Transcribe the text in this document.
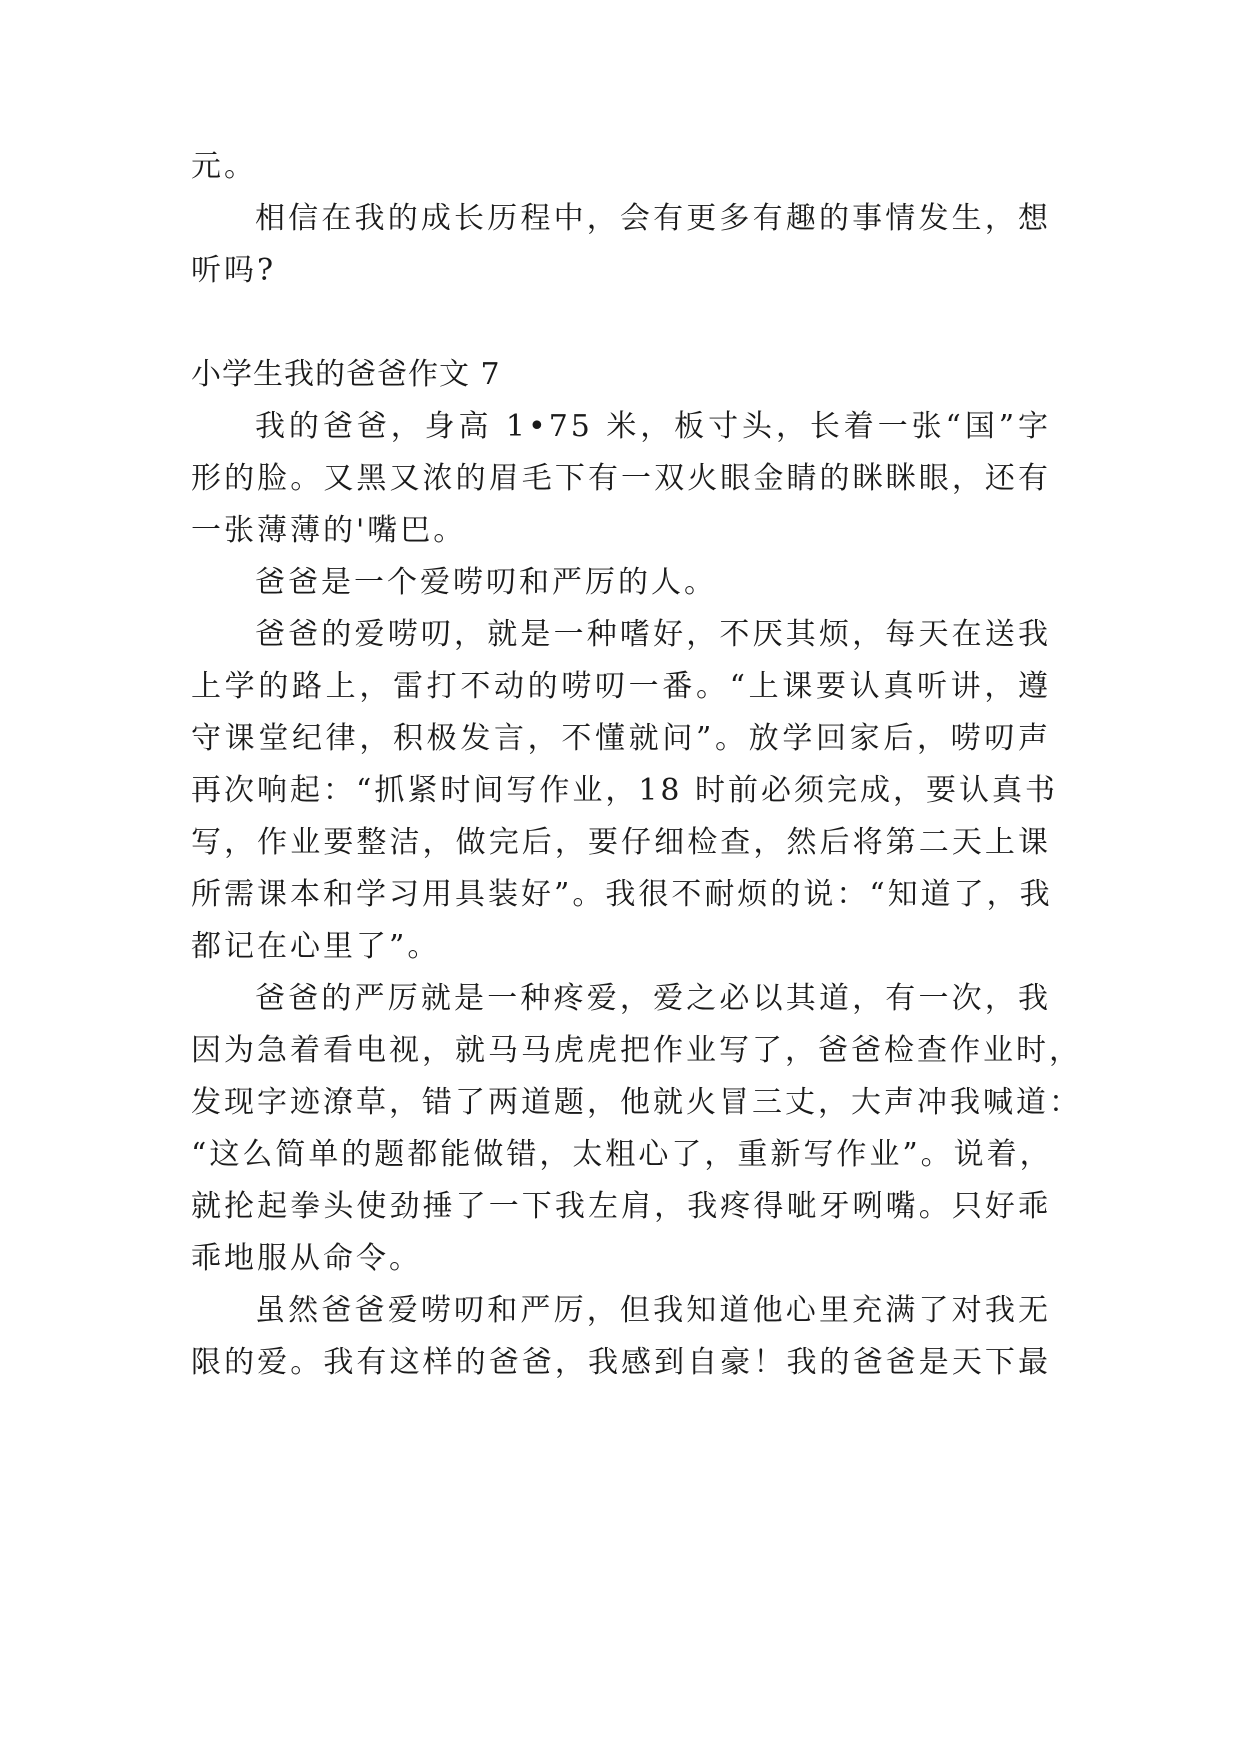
元。
相信在我的成长历程中，会有更多有趣的事情发生，想
听吗?
小学生我的爸爸作文 7
我的爸爸，身高 1•75 米，板寸头，长着一张“国”字
形的脸。又黑又浓的眉毛下有一双火眼金睛的眯眯眼，还有
一张薄薄的'嘴巴。
爸爸是一个爱唠叨和严厉的人。
爸爸的爱唠叨，就是一种嗜好，不厌其烦，每天在送我
上学的路上，雷打不动的唠叨一番。“上课要认真听讲，遵
守课堂纪律，积极发言，不懂就问”。放学回家后，唠叨声
再次响起：“抓紧时间写作业，18 时前必须完成，要认真书
写，作业要整洁，做完后，要仔细检查，然后将第二天上课
所需课本和学习用具装好”。我很不耐烦的说：“知道了，我
都记在心里了”。
爸爸的严厉就是一种疼爱，爱之必以其道，有一次，我
因为急着看电视，就马马虎虎把作业写了，爸爸检查作业时，
发现字迹潦草，错了两道题，他就火冒三丈，大声冲我喊道：
“这么简单的题都能做错，太粗心了，重新写作业”。说着，
就抡起拳头使劲捶了一下我左肩，我疼得呲牙咧嘴。只好乖
乖地服从命令。
虽然爸爸爱唠叨和严厉，但我知道他心里充满了对我无
限的爱。我有这样的爸爸，我感到自豪！我的爸爸是天下最
